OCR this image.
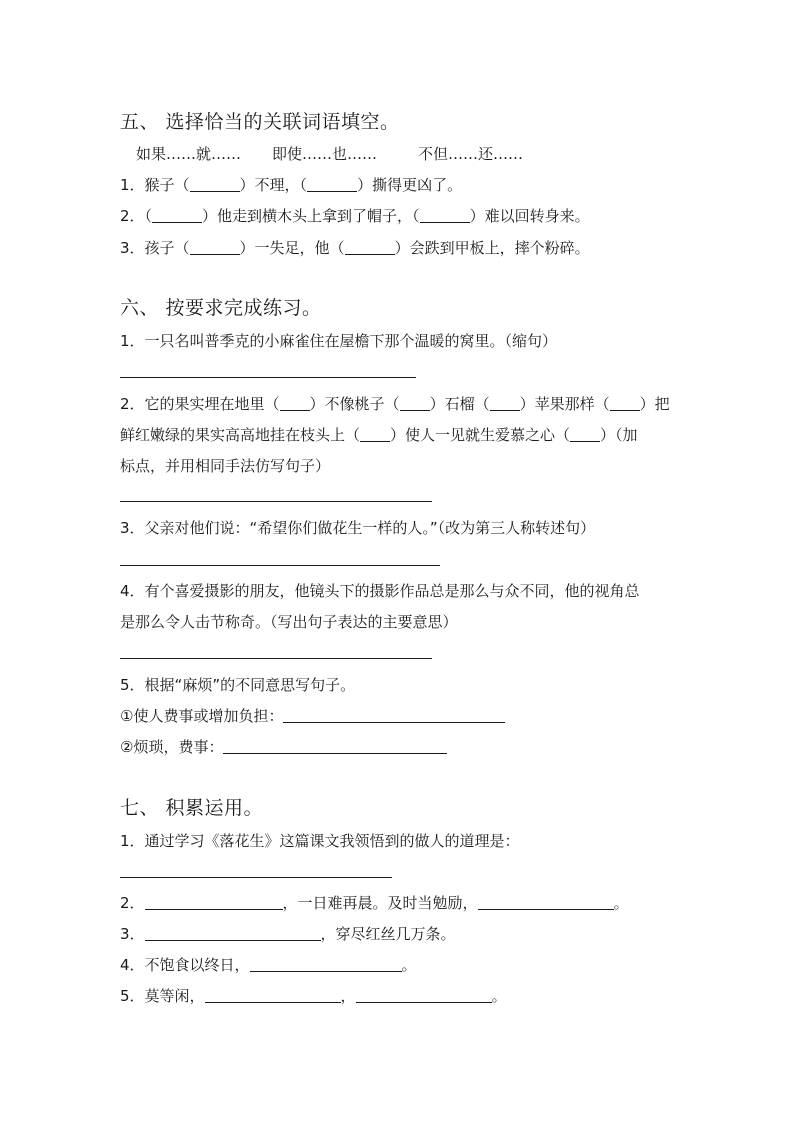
五、 选择恰当的关联词语填空。
如果……就…… 即使……也……	不但……还……
1．猴子（	）不理，（	）撕得更凶了。
2．（	）他走到横木头上拿到了帽子，（	）难以回转身来。
3．孩子（	）一失足，他（	）会跌到甲板上，摔个粉碎。
六、 按要求完成练习。
1．一只名叫普季克的小麻雀住在屋檐下那个温暖的窝里。（缩句）
2．它的果实埋在地里（ ）不像桃子（ ）石榴（ ）苹果那样（ ）把
鲜红嫩绿的果实高高地挂在枝头上（ ）使人一见就生爱慕之心（ ）（加
标点，并用相同手法仿写句子）
3．父亲对他们说：“希望你们做花生一样的人。”（改为第三人称转述句）
4．有个喜爱摄影的朋友，他镜头下的摄影作品总是那么与众不同，他的视角总
是那么令人击节称奇。（写出句子表达的主要意思）
5．根据“麻烦”的不同意思写句子。
①使人费事或增加负担：
②烦琐，费事：
七、 积累运用。
1．通过学习《落花生》这篇课文我领悟到的做人的道理是：
2．	，一日难再晨。及时当勉励，	。
3．	，穿尽红丝几万条。
4．不饱食以终日，	。
5．莫等闲，	，	。
